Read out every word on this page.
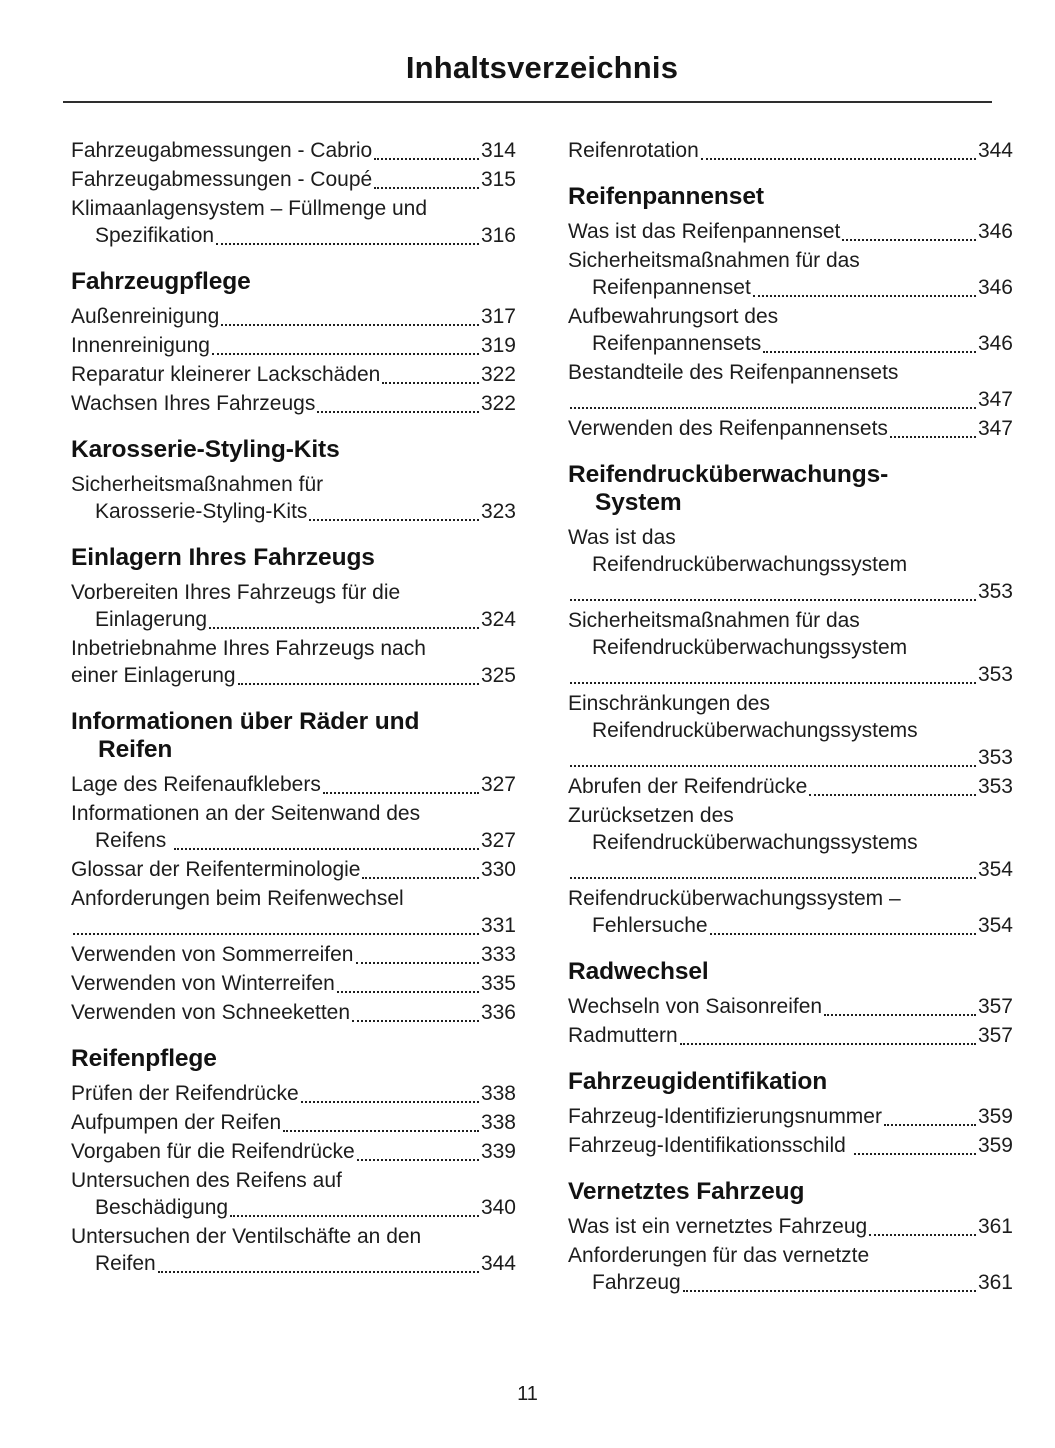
Inhaltsverzeichnis
Fahrzeugabmessungen - Cabrio	314
Fahrzeugabmessungen - Coupé	315
Klimaanlagensystem – Füllmenge und
Spezifikation	316
Fahrzeugpflege
Außenreinigung	317
Innenreinigung	319
Reparatur kleinerer Lackschäden	322
Wachsen Ihres Fahrzeugs	322
Karosserie-Styling-Kits
Sicherheitsmaßnahmen für
Karosserie-Styling-Kits	323
Einlagern Ihres Fahrzeugs
Vorbereiten Ihres Fahrzeugs für die
Einlagerung	324
Inbetriebnahme Ihres Fahrzeugs nach
einer Einlagerung	325
Informationen über Räder und
Reifen
Lage des Reifenaufklebers	327
Informationen an der Seitenwand des
Reifens	327
Glossar der Reifenterminologie	330
Anforderungen beim Reifenwechsel
331
Verwenden von Sommerreifen	333
Verwenden von Winterreifen	335
Verwenden von Schneeketten	336
Reifenpflege
Prüfen der Reifendrücke	338
Aufpumpen der Reifen	338
Vorgaben für die Reifendrücke	339
Untersuchen des Reifens auf
Beschädigung	340
Untersuchen der Ventilschäfte an den
Reifen	344
Reifenrotation	344
Reifenpannenset
Was ist das Reifenpannenset	346
Sicherheitsmaßnahmen für das
Reifenpannenset	346
Aufbewahrungsort des
Reifenpannensets	346
Bestandteile des Reifenpannensets
347
Verwenden des Reifenpannensets	347
Reifendrucküberwachungs-
System
Was ist das
Reifendrucküberwachungssystem
353
Sicherheitsmaßnahmen für das
Reifendrucküberwachungssystem
353
Einschränkungen des
Reifendrucküberwachungssystems
353
Abrufen der Reifendrücke	353
Zurücksetzen des
Reifendrucküberwachungssystems
354
Reifendrucküberwachungssystem –
Fehlersuche	354
Radwechsel
Wechseln von Saisonreifen	357
Radmuttern	357
Fahrzeugidentifikation
Fahrzeug-Identifizierungsnummer	359
Fahrzeug-Identifikationsschild	359
Vernetztes Fahrzeug
Was ist ein vernetztes Fahrzeug	361
Anforderungen für das vernetzte
Fahrzeug	361
11
